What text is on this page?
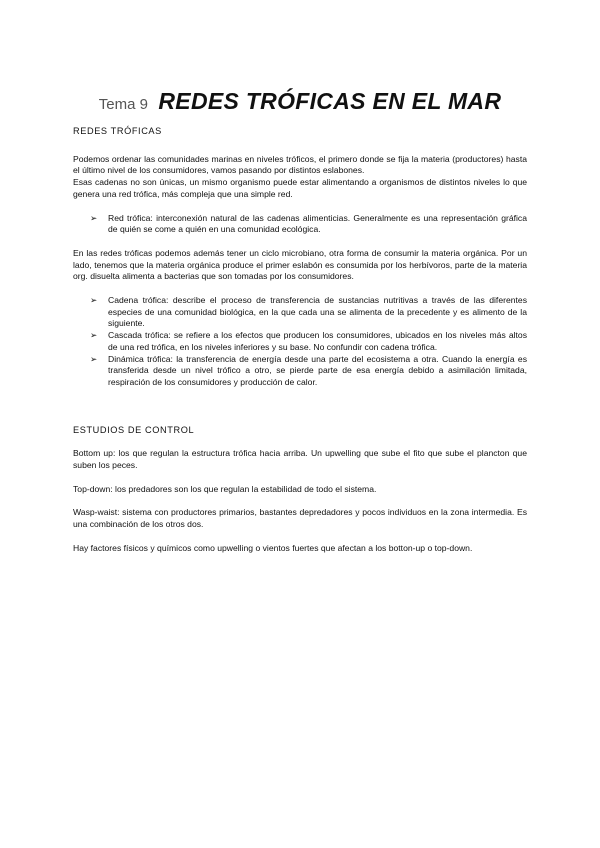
Tema 9 REDES TRÓFICAS EN EL MAR
REDES TRÓFICAS

Podemos ordenar las comunidades marinas en niveles tróficos, el primero donde se fija la materia (productores) hasta el último nivel de los consumidores, vamos pasando por distintos eslabones.

Esas cadenas no son únicas, un mismo organismo puede estar alimentando a organismos de distintos niveles lo que genera una red trófica, más compleja que una simple red.

➢ Red trófica: interconexión natural de las cadenas alimenticias. Generalmente es una representación gráfica de quién se come a quién en una comunidad ecológica.

En las redes tróficas podemos además tener un ciclo microbiano, otra forma de consumir la materia orgánica. Por un lado, tenemos que la materia orgánica produce el primer eslabón es consumida por los herbívoros, parte de la materia org. disuelta alimenta a bacterias que son tomadas por los consumidores.

➢ Cadena trófica: describe el proceso de transferencia de sustancias nutritivas a través de las diferentes especies de una comunidad biológica, en la que cada una se alimenta de la precedente y es alimento de la siguiente.
➢ Cascada trófica: se refiere a los efectos que producen los consumidores, ubicados en los niveles más altos de una red trófica, en los niveles inferiores y su base. No confundir con cadena trófica.
➢ Dinámica trófica: la transferencia de energía desde una parte del ecosistema a otra. Cuando la energía es transferida desde un nivel trófico a otro, se pierde parte de esa energía debido a asimilación limitada, respiración de los consumidores y producción de calor.
ESTUDIOS DE CONTROL

Bottom up: los que regulan la estructura trófica hacia arriba. Un upwelling que sube el fito que sube el plancton que suben los peces.

Top-down: los predadores son los que regulan la estabilidad de todo el sistema.

Wasp-waist: sistema con productores primarios, bastantes depredadores y pocos individuos en la zona intermedia. Es una combinación de los otros dos.

Hay factores físicos y químicos como upwelling o vientos fuertes que afectan a los botton-up o top-down.
